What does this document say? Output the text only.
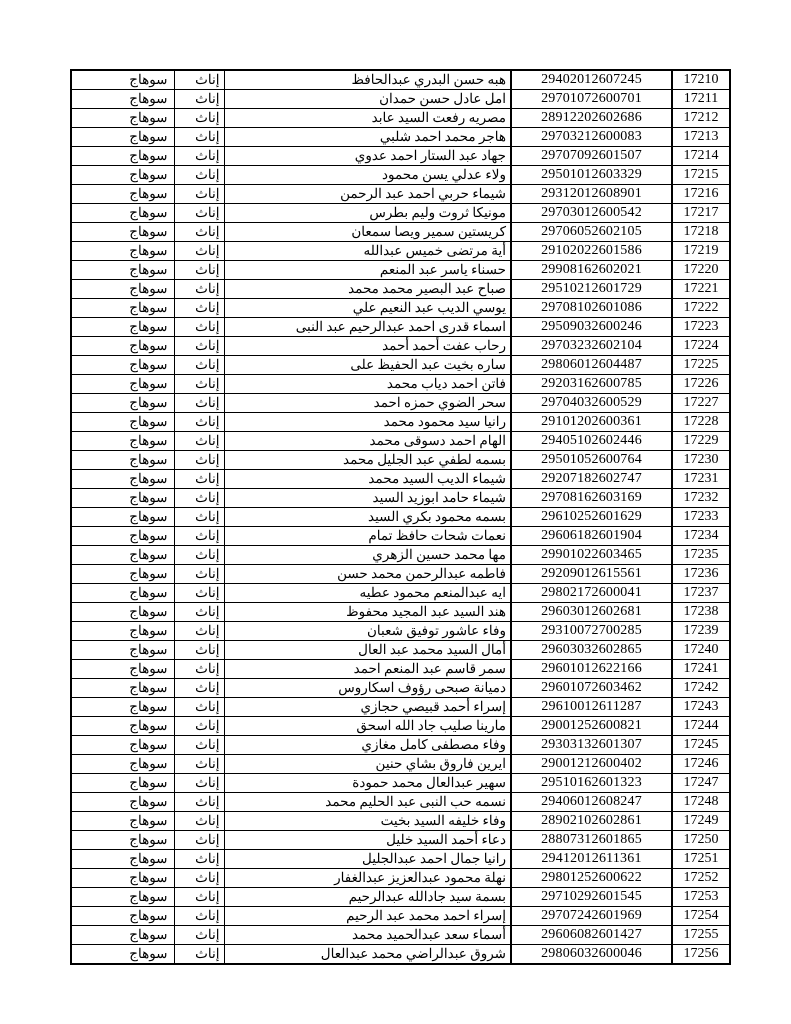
سوهاج	إناث	هبه حسن البدري عبدالحافظ	29402012607245	17210
سوهاج	إناث	امل عادل حسن حمدان	29701072600701	17211
سوهاج	إناث	مصريه رفعت السيد عابد	28912202602686	17212
سوهاج	إناث	هاجر محمد احمد شلبي	29703212600083	17213
سوهاج	إناث	جهاد عبد الستار احمد عدوي	29707092601507	17214
سوهاج	إناث	ولاء عدلي يسن محمود	29501012603329	17215
سوهاج	إناث	شيماء حربي احمد عبد الرحمن	29312012608901	17216
سوهاج	إناث	مونيكا ثروت وليم بطرس	29703012600542	17217
سوهاج	إناث	كريستين سمير ويصا سمعان	29706052602105	17218
سوهاج	إناث	أية مرتضى خميس عبدالله	29102022601586	17219
سوهاج	إناث	حسناء ياسر عبد المنعم	29908162602021	17220
سوهاج	إناث	صباح عبد البصير محمد محمد	29510212601729	17221
سوهاج	إناث	يوسي الديب عبد النعيم علي	29708102601086	17222
سوهاج	إناث	اسماء قدرى احمد عبدالرحيم عبد النبى	29509032600246	17223
سوهاج	إناث	رحاب عفت أحمد أحمد	29703232602104	17224
سوهاج	إناث	ساره بخيت عبد الحفيظ على	29806012604487	17225
سوهاج	إناث	فاتن احمد دياب محمد	29203162600785	17226
سوهاج	إناث	سحر الضوي حمزه احمد	29704032600529	17227
سوهاج	إناث	رانيا سيد محمود محمد	29101202600361	17228
سوهاج	إناث	الهام احمد دسوقى محمد	29405102602446	17229
سوهاج	إناث	بسمه لطفي عبد الجليل محمد	29501052600764	17230
سوهاج	إناث	شيماء الديب السيد محمد	29207182602747	17231
سوهاج	إناث	شيماء حامد ابوزيد السيد	29708162603169	17232
سوهاج	إناث	بسمه محمود بكري السيد	29610252601629	17233
سوهاج	إناث	نعمات شحات حافظ تمام	29606182601904	17234
سوهاج	إناث	مها محمد حسين الزهري	29901022603465	17235
سوهاج	إناث	فاطمه عبدالرحمن محمد حسن	29209012615561	17236
سوهاج	إناث	ايه عبدالمنعم محمود عطيه	29802172600041	17237
سوهاج	إناث	هند السيد عبد المجيد محفوظ	29603012602681	17238
سوهاج	إناث	وفاء عاشور توفيق شعبان	29310072700285	17239
سوهاج	إناث	أمال السيد محمد عبد العال	29603032602865	17240
سوهاج	إناث	سمر قاسم عبد المنعم احمد	29601012622166	17241
سوهاج	إناث	دميانة صبحى رؤوف اسكاروس	29601072603462	17242
سوهاج	إناث	إسراء أحمد قبيصي حجازي	29610012611287	17243
سوهاج	إناث	مارينا صليب جاد الله اسحق	29001252600821	17244
سوهاج	إناث	وفاء مصطفى كامل مغازي	29303132601307	17245
سوهاج	إناث	ايرين فاروق بشاي حنين	29001212600402	17246
سوهاج	إناث	سهير عبدالعال محمد حمودة	29510162601323	17247
سوهاج	إناث	نسمه حب النبى عبد الحليم محمد	29406012608247	17248
سوهاج	إناث	وفاء خليفه السيد بخيت	28902102602861	17249
سوهاج	إناث	دعاء أحمد السيد خليل	28807312601865	17250
سوهاج	إناث	رانيا جمال احمد عبدالجليل	29412012611361	17251
سوهاج	إناث	نهلة محمود عبدالعزيز عبدالغفار	29801252600622	17252
سوهاج	إناث	بسمة سيد جادالله عبدالرحيم	29710292601545	17253
سوهاج	إناث	إسراء احمد محمد عبد الرحيم	29707242601969	17254
سوهاج	إناث	أسماء سعد عبدالحميد محمد	29606082601427	17255
سوهاج	إناث	شروق عبدالراضي محمد عبدالعال	29806032600046	17256
